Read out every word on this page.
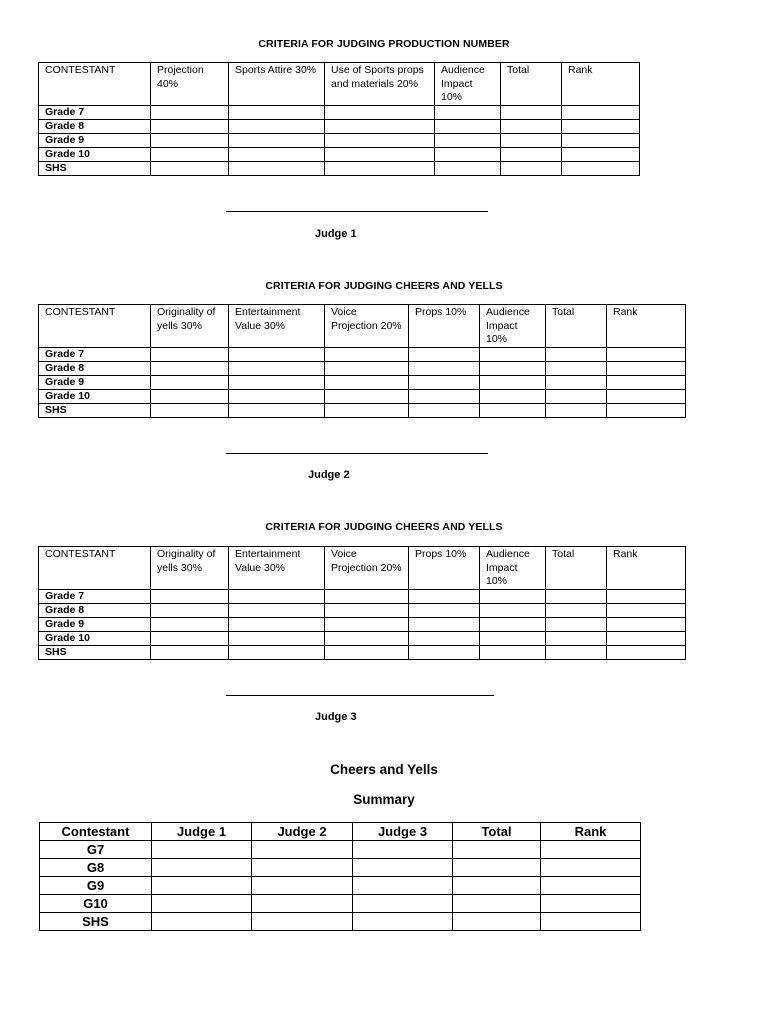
CRITERIA FOR JUDGING PRODUCTION NUMBER
CONTESTANT	Projection 40%	Sports Attire 30%	Use of Sports props and materials 20%	Audience Impact 10%	Total	Rank
Grade 7						
Grade 8						
Grade 9						
Grade 10						
SHS						
Judge 1
CRITERIA FOR JUDGING CHEERS AND YELLS
CONTESTANT	Originality of yells 30%	Entertainment Value 30%	Voice Projection 20%	Props 10%	Audience Impact 10%	Total	Rank
Grade 7							
Grade 8							
Grade 9							
Grade 10							
SHS							
Judge 2
CRITERIA FOR JUDGING CHEERS AND YELLS
CONTESTANT	Originality of yells 30%	Entertainment Value 30%	Voice Projection 20%	Props 10%	Audience Impact 10%	Total	Rank
Grade 7							
Grade 8							
Grade 9							
Grade 10							
SHS							
Judge 3
Cheers and Yells
Summary
Contestant	Judge 1	Judge 2	Judge 3	Total	Rank
G7					
G8					
G9					
G10					
SHS					
